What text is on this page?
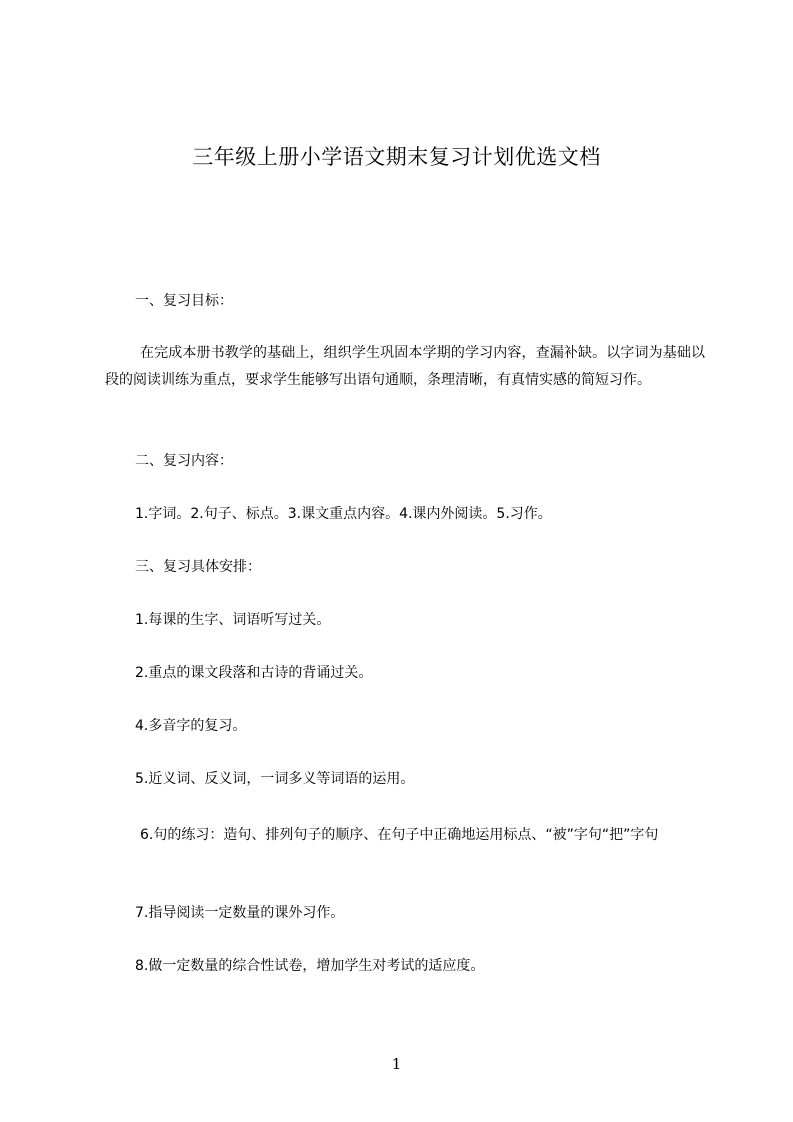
三年级上册小学语文期末复习计划优选文档
一、复习目标：
在完成本册书教学的基础上，组织学生巩固本学期的学习内容，查漏补缺。以字词为基础以段的阅读训练为重点，要求学生能够写出语句通顺，条理清晰，有真情实感的简短习作。
二、复习内容：
1.字词。2.句子、标点。3.课文重点内容。4.课内外阅读。5.习作。
三、复习具体安排：
1.每课的生字、词语听写过关。
2.重点的课文段落和古诗的背诵过关。
4.多音字的复习。
5.近义词、反义词，一词多义等词语的运用。
6.句的练习：造句、排列句子的顺序、在句子中正确地运用标点、“被”字句“把”字句
7.指导阅读一定数量的课外习作。
8.做一定数量的综合性试卷，增加学生对考试的适应度。
1
